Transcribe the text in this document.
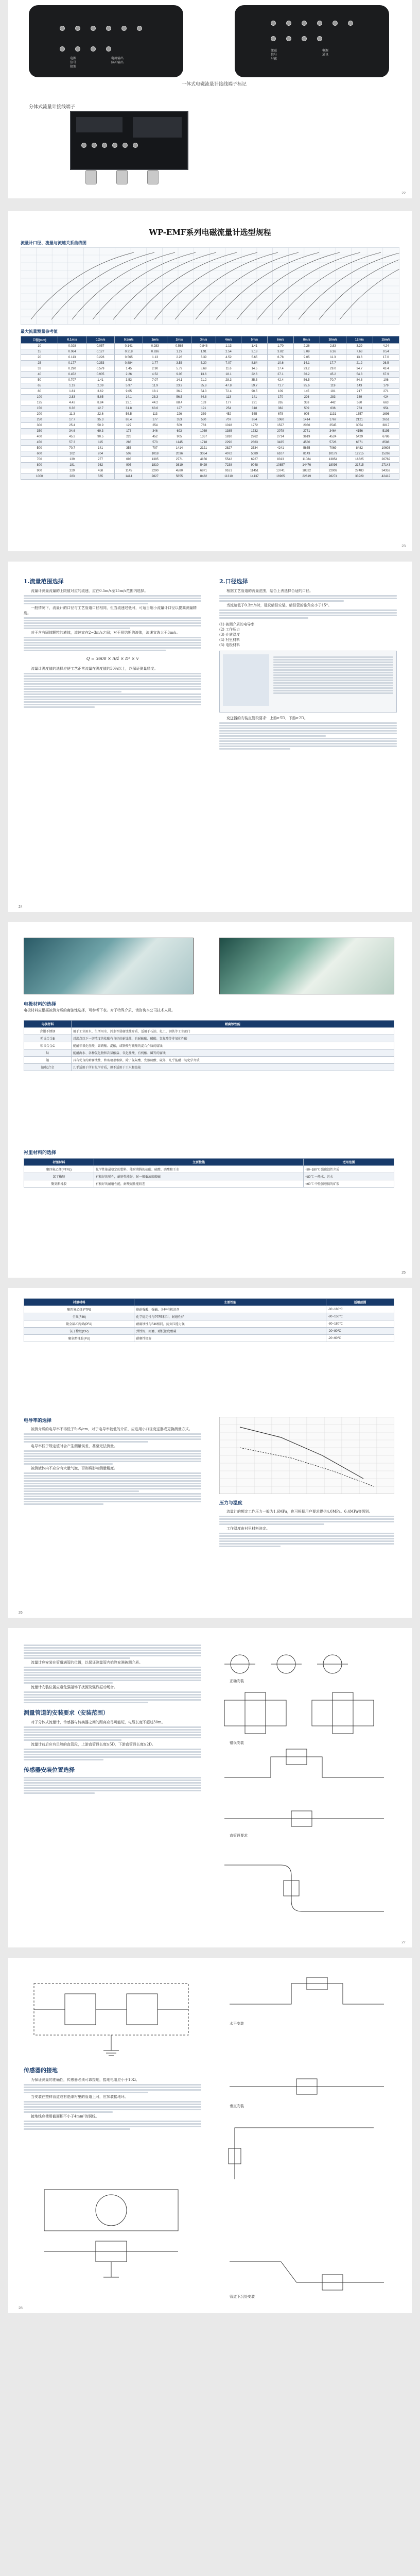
电源
信号
接地
电流输出
脉冲输出
激磁
信号
屏蔽
电源
通讯
一体式电磁流量计接线端子标记
分体式流量计接线端子
22
WP-EMF系列电磁流量计选型规程
流量计口径、流量与流速关系曲线图
最大流量测量参考值
口径(mm)	0.1m/s	0.2m/s	0.5m/s	1m/s	2m/s	3m/s	4m/s	5m/s	6m/s	8m/s	10m/s	12m/s	15m/s
10	0.028	0.057	0.141	0.283	0.565	0.848	1.13	1.41	1.70	2.26	2.83	3.39	4.24
15	0.064	0.127	0.318	0.636	1.27	1.91	2.54	3.18	3.82	5.09	6.36	7.63	9.54
20	0.113	0.226	0.565	1.13	2.26	3.39	4.52	5.65	6.78	9.05	11.3	13.6	17.0
25	0.177	0.353	0.884	1.77	3.53	5.30	7.07	8.84	10.6	14.1	17.7	21.2	26.5
32	0.290	0.579	1.45	2.90	5.79	8.69	11.6	14.5	17.4	23.2	29.0	34.7	43.4
40	0.452	0.905	2.26	4.52	9.05	13.6	18.1	22.6	27.1	36.2	45.2	54.3	67.9
50	0.707	1.41	3.53	7.07	14.1	21.2	28.3	35.3	42.4	56.5	70.7	84.8	106
65	1.19	2.39	5.97	11.9	23.9	35.8	47.8	59.7	71.7	95.6	119	143	179
80	1.81	3.62	9.05	18.1	36.2	54.3	72.4	90.5	109	145	181	217	271
100	2.83	5.65	14.1	28.3	56.5	84.8	113	141	170	226	283	339	424
125	4.42	8.84	22.1	44.2	88.4	133	177	221	265	353	442	530	663
150	6.36	12.7	31.8	63.6	127	191	254	318	382	509	636	763	954
200	11.3	22.6	56.5	113	226	339	452	565	678	905	1131	1357	1696
250	17.7	35.3	88.4	177	353	530	707	884	1060	1414	1767	2121	2651
300	25.4	50.9	127	254	509	763	1018	1272	1527	2036	2545	3054	3817
350	34.6	69.3	173	346	693	1039	1385	1732	2078	2771	3464	4156	5195
400	45.2	90.5	226	452	905	1357	1810	2262	2714	3619	4524	5429	6786
450	57.3	115	286	573	1145	1718	2290	2863	3435	4580	5726	6871	8588
500	70.7	141	353	707	1414	2121	2827	3534	4241	5655	7069	8482	10603
600	102	204	509	1018	2036	3054	4072	5089	6107	8143	10179	12215	15268
700	139	277	693	1385	2771	4156	5542	6927	8313	11084	13854	16625	20782
800	181	362	905	1810	3619	5429	7238	9048	10857	14476	18096	21715	27143
900	229	458	1145	2290	4580	6871	9161	11451	13741	18322	22902	27483	34353
1000	283	565	1414	2827	5655	8482	11310	14137	16965	22619	28274	33929	42412
23
1.流量范围选择

流量计测量流量的上限值对应的流速，应在0.5m/s至15m/s范围内选择。

一般情况下，流量计的口径与工艺管道口径相同，但当流速过低时，可适当缩小流量计口径以提高测量精度。

对于含有固体颗粒的液体，流速宜在2~3m/s之间；对于易结垢的液体，流速宜选大于3m/s。

Q = 3600 × π/4 × D² × v

流量计满度值的选择应使工艺正常流量在满度值的50%以上，以保证测量精度。

2.口径选择

根据工艺管道的流量范围，结合上表选择合适的口径。

当流速低于0.3m/s时，建议缩径安装，缩径管的锥角应小于15°。

(1) 被测介质的电导率
(2) 工作压力
(3) 介质温度
(4) 衬里材料
(5) 电极材料

变送器的安装直管段要求：上游≥5D，下游≥2D。

24
电极材料的选择
电极材料应根据被测介质的腐蚀性选择，可参考下表。对于特殊介质，请咨询本公司技术人员。
电极材料	耐腐蚀性能
含钼不锈钢	用于工业用水、生活用水、污水等弱腐蚀性介质，适用于石油、化工、钢铁等工业部门
哈氏合金B	对沸点以下一切浓度的盐酸有良好的耐蚀性，也耐硫酸、磷酸、氢氟酸等非氧化性酸
哈氏合金C	能耐非氧化性酸，如硝酸、混酸，或铬酸与硫酸的混合介质的腐蚀
钛	能耐海水、各种氯化物和次氯酸盐、氧化性酸、有机酸、碱等的腐蚀
钽	具有优良的耐腐蚀性，和玻璃很相似。除了氢氟酸、发烟硫酸、碱外，几乎能耐一切化学介质
铂/钛合金	几乎适用于所有化学介质，但不适用于王水和铵盐
衬里材料的选择
衬里材料	主要性能	适用范围
聚四氟乙烯(PTFE)	化学性能最稳定的塑料，能耐沸腾的盐酸、硫酸、硝酸和王水	-80~180℃ 强腐蚀性介质
氯丁橡胶	有极好的弹性，耐磨性能好，耐一般低浓度酸碱	<80℃ 一般水、污水
聚氨酯橡胶	有极好的耐磨性能，耐酸碱性能较差	<60℃ 中性强磨损的矿浆
25
衬里材料	主要性能	适用范围
聚四氟乙烯 PTFE	能耐强酸、强碱、各种有机溶剂	-80~180℃
全氟(F46)	化学稳定性与PTFE相当，耐磨性好	-80~150℃
聚全氟乙丙烯(PFA)	耐腐蚀性与F46相同，抗负压能力强	-80~180℃
氯丁橡胶(CR)	弹性好，耐磨，耐低浓度酸碱	-20~80℃
聚氨酯橡胶(PU)	耐磨性极好	-20~60℃
电导率的选择

被测介质的电导率不得低于5μS/cm，对于电导率较低的介质，应选用小口径变送器或更换测量方式。

电导率低于规定值时会产生测量误差，甚至无法测量。

被测液体内不应含有大量气泡，否则将影响测量精度。

压力与温度

流量计的额定工作压力一般为1.6MPa，也可根据用户要求提供4.0MPa、6.4MPa等级别。

工作温度由衬里材料决定。

26

流量计应安装在管道满管的位置，以保证测量管内始终充满被测介质。

流量计安装位置应避免强磁场干扰源及强烈振动场合。

测量管道的安装要求（安装范围）

对于分体式流量计，传感器与转换器之间的距离应尽可能短，电缆长度不超过30m。

流量计前后应有足够的直管段，上游直管段长度≥5D，下游直管段长度≥2D。

传感器安装位置选择
正确安装
错误安装
直管段要求
27
传感器的接地

为保证测量的准确性，传感器必须可靠接地，接地电阻应小于10Ω。

当安装在塑料管道或有绝缘衬里的管道上时，应加装接地环。

接地线应使用截面积不小于4mm²的铜线。

水平安装
垂直安装
管道下沉处安装
28
